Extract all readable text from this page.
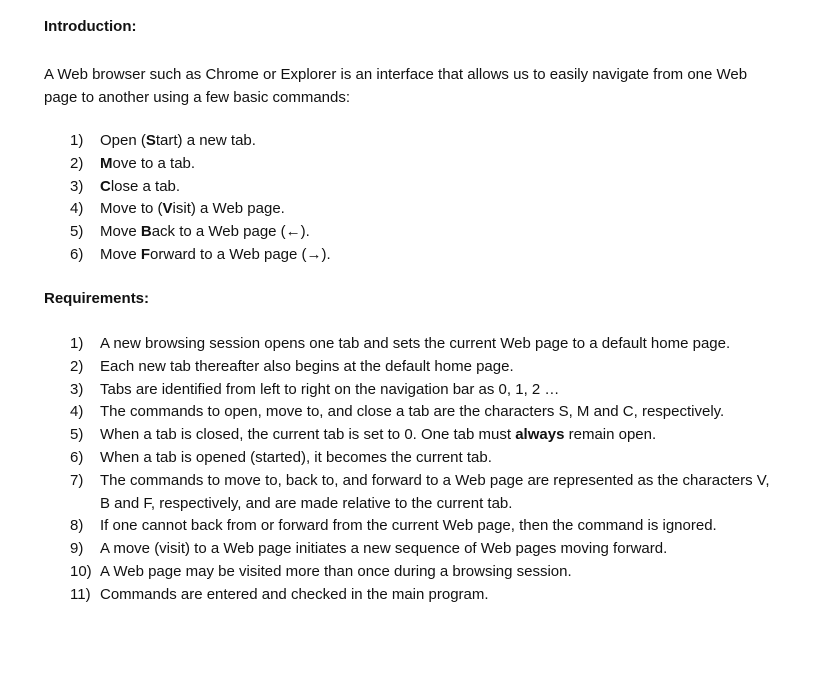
Introduction:
A Web browser such as Chrome or Explorer is an interface that allows us to easily navigate from one Web page to another using a few basic commands:
1) Open (Start) a new tab.
2) Move to a tab.
3) Close a tab.
4) Move to (Visit) a Web page.
5) Move Back to a Web page (←).
6) Move Forward to a Web page (→).
Requirements:
1) A new browsing session opens one tab and sets the current Web page to a default home page.
2) Each new tab thereafter also begins at the default home page.
3) Tabs are identified from left to right on the navigation bar as 0, 1, 2 …
4) The commands to open, move to, and close a tab are the characters S, M and C, respectively.
5) When a tab is closed, the current tab is set to 0. One tab must always remain open.
6) When a tab is opened (started), it becomes the current tab.
7) The commands to move to, back to, and forward to a Web page are represented as the characters V, B and F, respectively, and are made relative to the current tab.
8) If one cannot back from or forward from the current Web page, then the command is ignored.
9) A move (visit) to a Web page initiates a new sequence of Web pages moving forward.
10) A Web page may be visited more than once during a browsing session.
11) Commands are entered and checked in the main program.
